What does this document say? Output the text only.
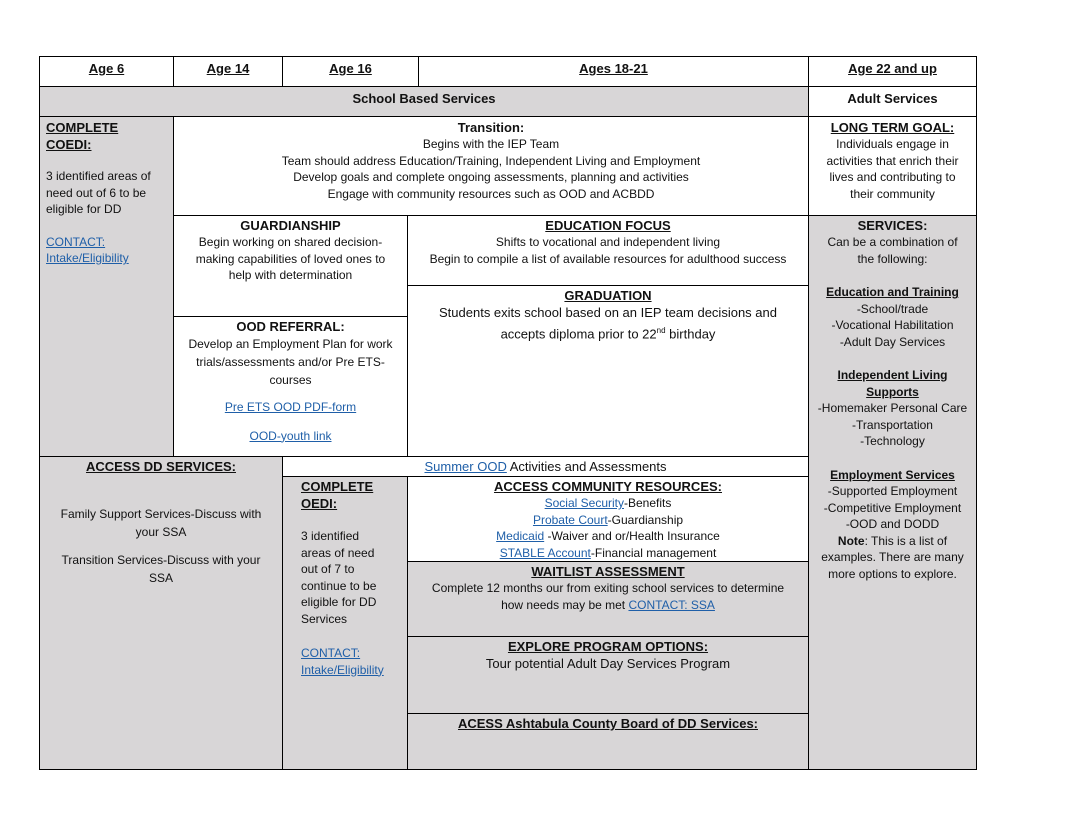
Age 6	Age 14	Age 16	Ages 18-21	Age 22 and up
School Based Services	Adult Services
COMPLETE COEDI:
3 identified areas of need out of 6 to be eligible for DD
CONTACT:
Intake/Eligibility
Transition:
Begins with the IEP Team
Team should address Education/Training, Independent Living and Employment
Develop goals and complete ongoing assessments, planning and activities
Engage with community resources such as OOD and ACBDD
LONG TERM GOAL:
Individuals engage in activities that enrich their lives and contributing to their community
GUARDIANSHIP
Begin working on shared decision-making capabilities of loved ones to help with determination
OOD REFERRAL:
Develop an Employment Plan for work trials/assessments and/or Pre ETS-courses
Pre ETS OOD PDF-form
OOD-youth link
EDUCATION FOCUS
Shifts to vocational and independent living
Begin to compile a list of available resources for adulthood success
GRADUATION
Students exits school based on an IEP team decisions and
accepts diploma prior to 22nd birthday
SERVICES:
Can be a combination of the following:
Education and Training
-School/trade
-Vocational Habilitation
-Adult Day Services
Independent Living Supports
-Homemaker Personal Care
-Transportation
-Technology
Employment Services
-Supported Employment
-Competitive Employment
-OOD and DODD
Note: This is a list of examples. There are many more options to explore.
ACCESS DD SERVICES:
Family Support Services-Discuss with your SSA
Transition Services-Discuss with your SSA
Summer OOD Activities and Assessments
COMPLETE
OEDI:
3 identified areas of need out of 7 to continue to be eligible for DD Services
CONTACT:
Intake/Eligibility
ACCESS COMMUNITY RESOURCES:
Social Security-Benefits
Probate Court-Guardianship
Medicaid -Waiver and or/Health Insurance
STABLE Account-Financial management
WAITLIST ASSESSMENT
Complete 12 months our from exiting school services to determine
how needs may be met CONTACT: SSA
EXPLORE PROGRAM OPTIONS:
Tour potential Adult Day Services Program
ACESS Ashtabula County Board of DD Services:
